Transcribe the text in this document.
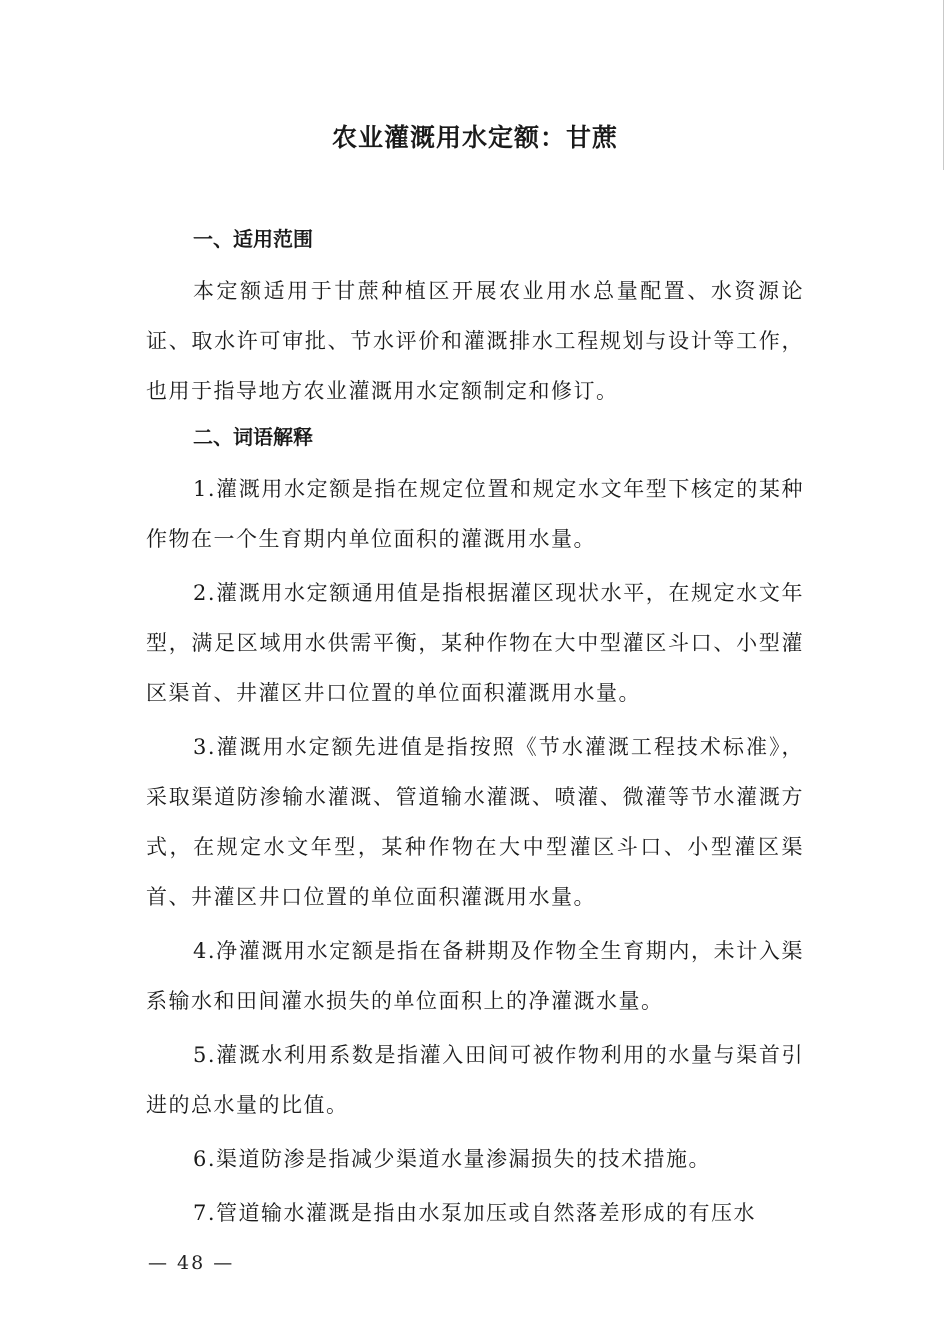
农业灌溉用水定额：甘蔗
一、适用范围

本定额适用于甘蔗种植区开展农业用水总量配置、水资源论证、取水许可审批、节水评价和灌溉排水工程规划与设计等工作，也用于指导地方农业灌溉用水定额制定和修订。

二、词语解释

1.灌溉用水定额是指在规定位置和规定水文年型下核定的某种作物在一个生育期内单位面积的灌溉用水量。

2.灌溉用水定额通用值是指根据灌区现状水平，在规定水文年型，满足区域用水供需平衡，某种作物在大中型灌区斗口、小型灌区渠首、井灌区井口位置的单位面积灌溉用水量。

3.灌溉用水定额先进值是指按照《节水灌溉工程技术标准》，采取渠道防渗输水灌溉、管道输水灌溉、喷灌、微灌等节水灌溉方式，在规定水文年型，某种作物在大中型灌区斗口、小型灌区渠首、井灌区井口位置的单位面积灌溉用水量。

4.净灌溉用水定额是指在备耕期及作物全生育期内，未计入渠系输水和田间灌水损失的单位面积上的净灌溉水量。

5.灌溉水利用系数是指灌入田间可被作物利用的水量与渠首引进的总水量的比值。

6.渠道防渗是指减少渠道水量渗漏损失的技术措施。

7.管道输水灌溉是指由水泵加压或自然落差形成的有压水

— 48 —
